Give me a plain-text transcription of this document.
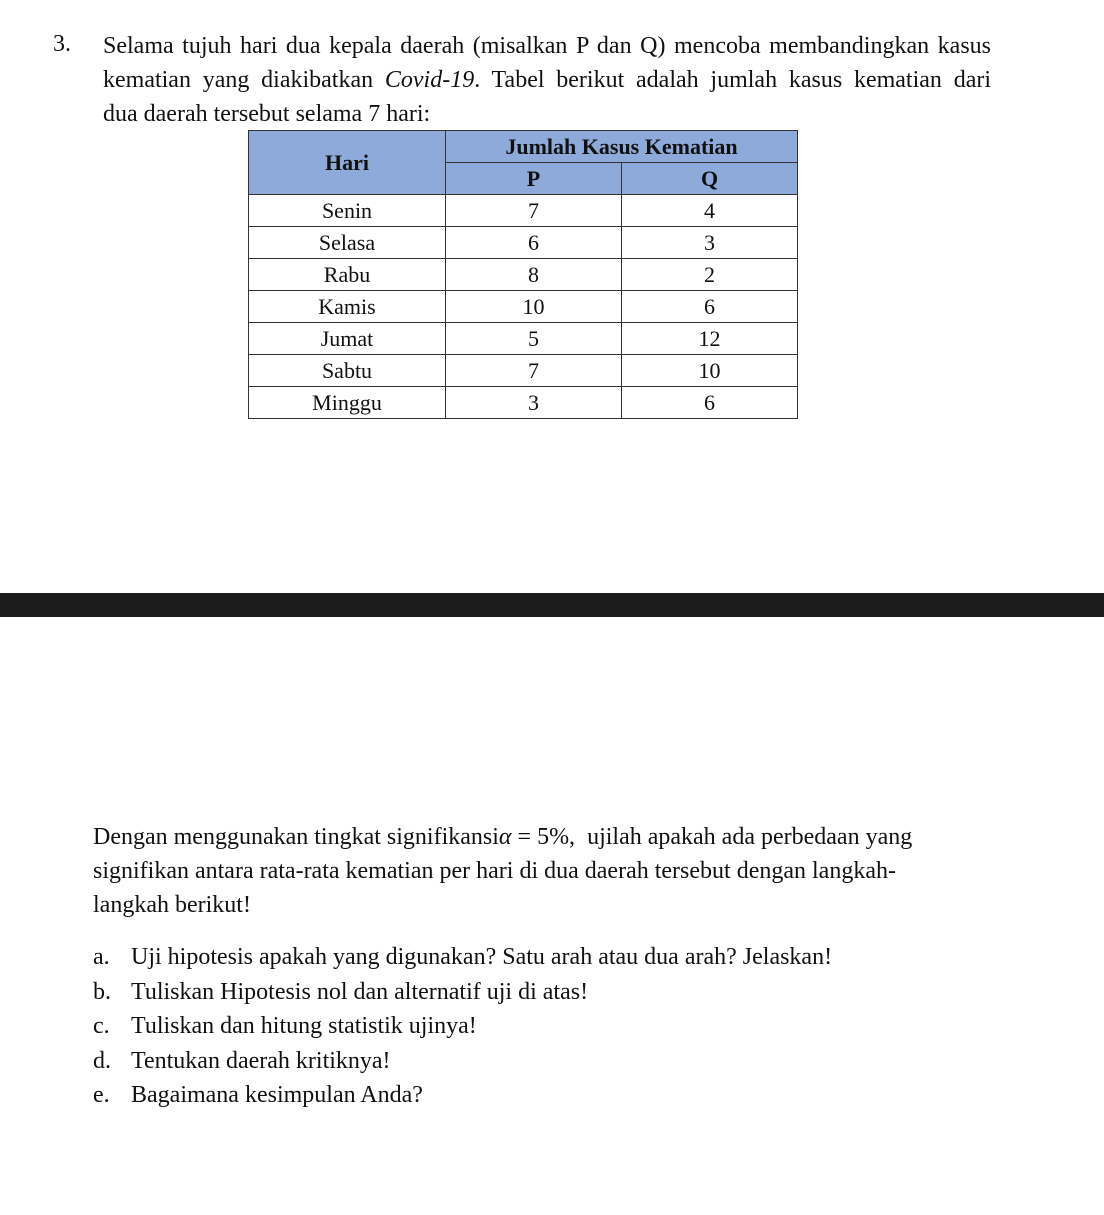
3. Selama tujuh hari dua kepala daerah (misalkan P dan Q) mencoba membandingkan kasus
kematian yang diakibatkan Covid-19. Tabel berikut adalah jumlah kasus kematian dari
dua daerah tersebut selama 7 hari:
Hari	Jumlah Kasus Kematian	
	P	Q
Senin	7	4
Selasa	6	3
Rabu	8	2
Kamis	10	6
Jumat	5	12
Sabtu	7	10
Minggu	3	6
Dengan menggunakan tingkat signifikansiα = 5%,  ujilah apakah ada perbedaan yang
signifikan antara rata-rata kematian per hari di dua daerah tersebut dengan langkah-
langkah berikut!
a. Uji hipotesis apakah yang digunakan? Satu arah atau dua arah? Jelaskan!
b. Tuliskan Hipotesis nol dan alternatif uji di atas!
c. Tuliskan dan hitung statistik ujinya!
d. Tentukan daerah kritiknya!
e. Bagaimana kesimpulan Anda?
